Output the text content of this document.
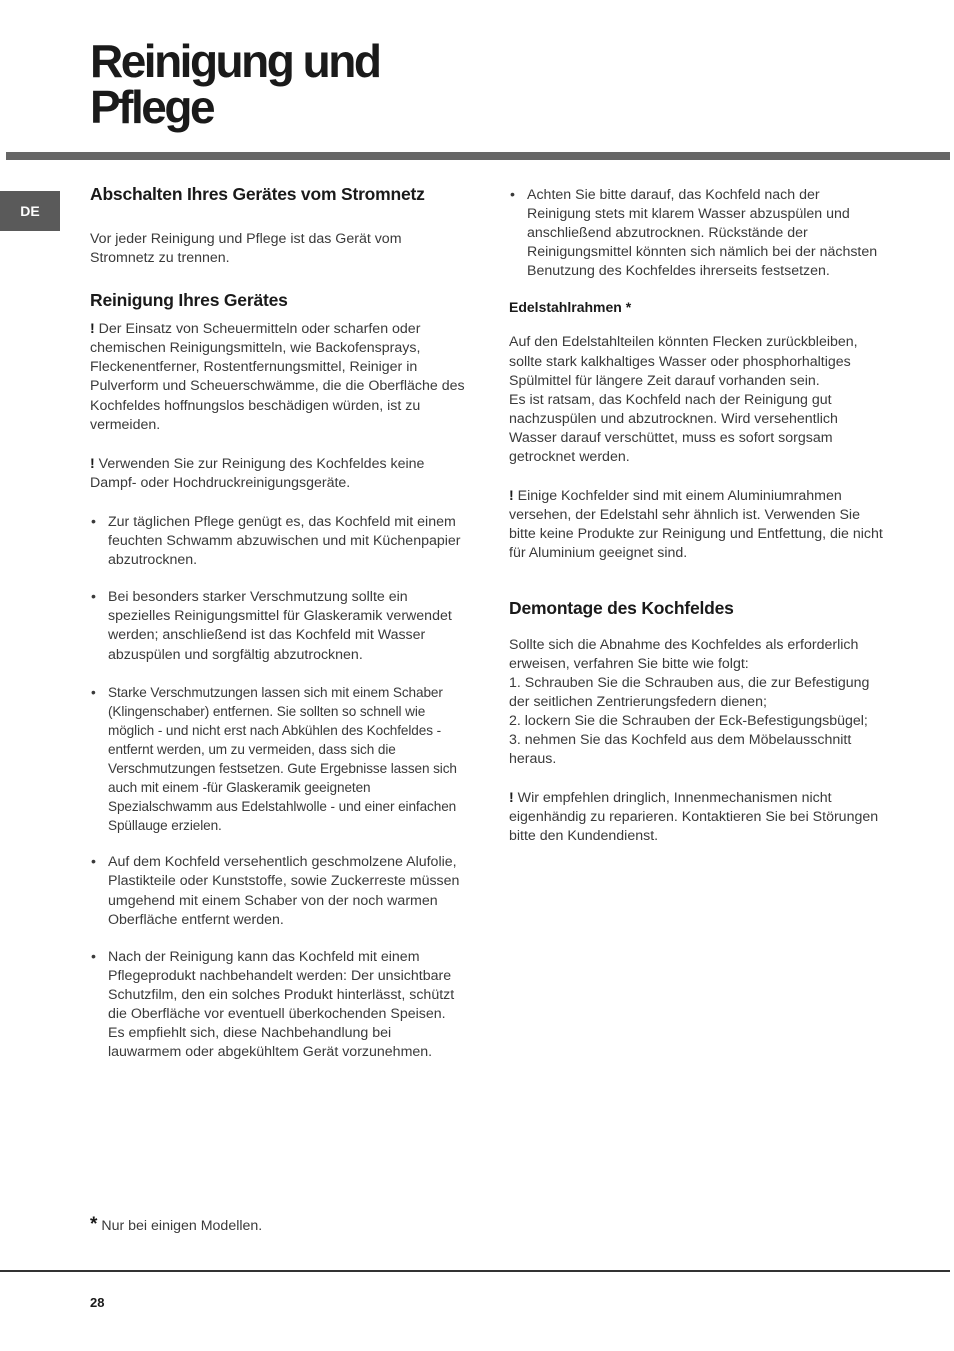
Reinigung und
Pflege
DE
Abschalten Ihres Gerätes vom Stromnetz

Vor jeder Reinigung und Pflege ist das Gerät vom Stromnetz zu trennen.

Reinigung Ihres Gerätes

! Der Einsatz von Scheuermitteln oder scharfen oder chemischen Reinigungsmitteln, wie Backofensprays, Fleckenentferner, Rostentfernungsmittel, Reiniger in Pulverform und Scheuerschwämme, die die Oberfläche des Kochfeldes hoffnungslos beschädigen würden, ist zu vermeiden.

! Verwenden Sie zur Reinigung des Kochfeldes keine Dampf- oder Hochdruckreinigungsgeräte.

• Zur täglichen Pflege genügt es, das Kochfeld mit einem feuchten Schwamm abzuwischen und mit Küchenpapier abzutrocknen.
• Bei besonders starker Verschmutzung sollte ein spezielles Reinigungsmittel für Glaskeramik verwendet werden; anschließend ist das Kochfeld mit Wasser abzuspülen und sorgfältig abzutrocknen.
• Starke Verschmutzungen lassen sich mit einem Schaber (Klingenschaber) entfernen. Sie sollten so schnell wie möglich - und nicht erst nach Abkühlen des Kochfeldes - entfernt werden, um zu vermeiden, dass sich die Verschmutzungen festsetzen. Gute Ergebnisse lassen sich auch mit einem -für Glaskeramik geeigneten Spezialschwamm aus Edelstahlwolle - und einer einfachen Spüllauge erzielen.
• Auf dem Kochfeld versehentlich geschmolzene Alufolie, Plastikteile oder Kunststoffe, sowie Zuckerreste müssen umgehend mit einem Schaber von der noch warmen Oberfläche entfernt werden.
• Nach der Reinigung kann das Kochfeld mit einem Pflegeprodukt nachbehandelt werden: Der unsichtbare Schutzfilm, den ein solches Produkt hinterlässt, schützt die Oberfläche vor eventuell überkochenden Speisen. Es empfiehlt sich, diese Nachbehandlung bei lauwarmem oder abgekühltem Gerät vorzunehmen.
• Achten Sie bitte darauf, das Kochfeld nach der Reinigung stets mit klarem Wasser abzuspülen und anschließend abzutrocknen. Rückstände der Reinigungsmittel könnten sich nämlich bei der nächsten Benutzung des Kochfeldes ihrerseits festsetzen.
Edelstahlrahmen *

Auf den Edelstahlteilen könnten Flecken zurückbleiben, sollte stark kalkhaltiges Wasser oder phosphorhaltiges Spülmittel für längere Zeit darauf vorhanden sein.

Es ist ratsam, das Kochfeld nach der Reinigung gut nachzuspülen und abzutrocknen. Wird versehentlich Wasser darauf verschüttet, muss es sofort sorgsam getrocknet werden.

! Einige Kochfelder sind mit einem Aluminiumrahmen versehen, der Edelstahl sehr ähnlich ist. Verwenden Sie bitte keine Produkte zur Reinigung und Entfettung, die nicht für Aluminium geeignet sind.

Demontage des Kochfeldes

Sollte sich die Abnahme des Kochfeldes als erforderlich erweisen, verfahren Sie bitte wie folgt:

1. Schrauben Sie die Schrauben aus, die zur Befestigung der seitlichen Zentrierungsfedern dienen;

2. lockern Sie die Schrauben der Eck-Befestigungsbügel;

3. nehmen Sie das Kochfeld aus dem Möbelausschnitt heraus.

! Wir empfehlen dringlich, Innenmechanismen nicht eigenhändig zu reparieren. Kontaktieren Sie bei Störungen bitte den Kundendienst.

* Nur bei einigen Modellen.
28
